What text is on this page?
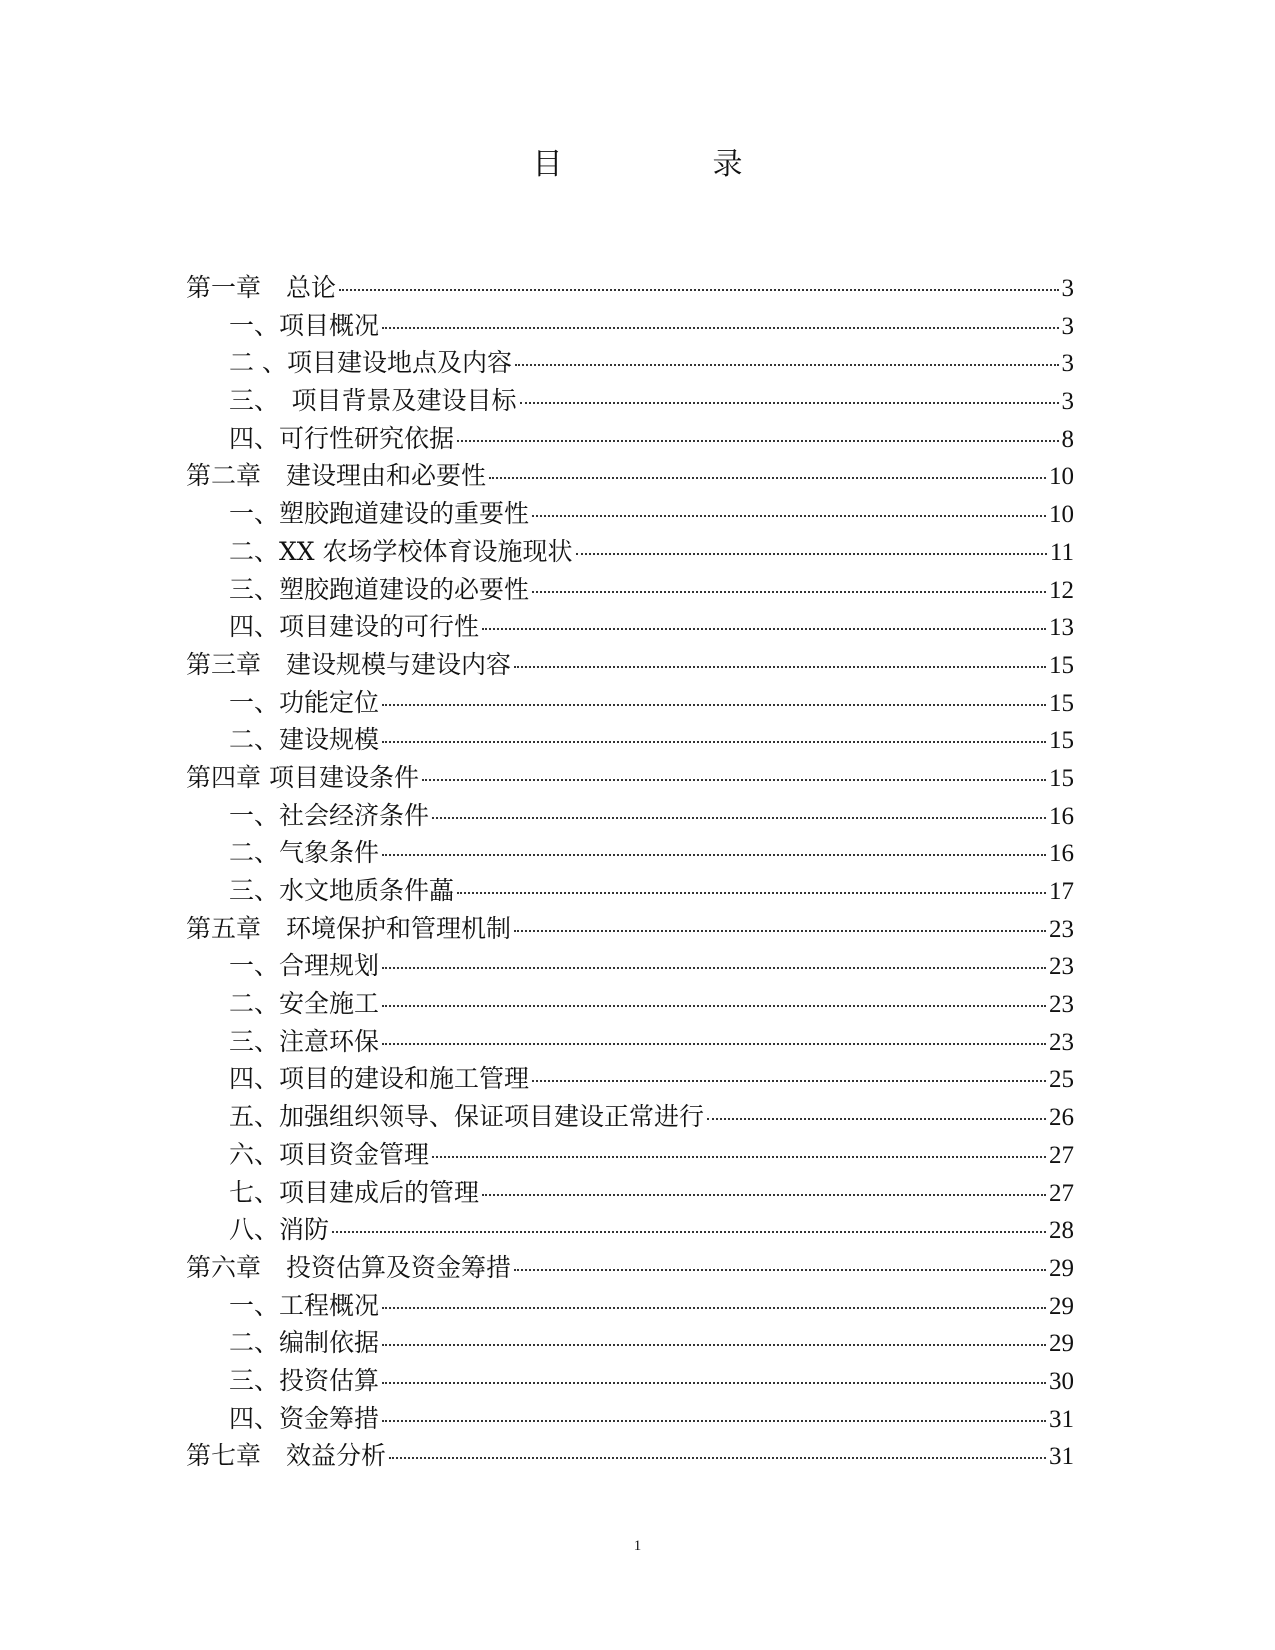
目　录
第一章　总论	3
一、项目概况	3
二 、项目建设地点及内容	3
三、　项目背景及建设目标	3
四、可行性研究依据	8
第二章　建设理由和必要性	10
一、塑胶跑道建设的重要性	10
二、XX 农场学校体育设施现状	11
三、塑胶跑道建设的必要性	12
四、项目建设的可行性	13
第三章　建设规模与建设内容	15
一、功能定位	15
二、建设规模	15
第四章 项目建设条件	15
一、社会经济条件	16
二、气象条件	16
三、水文地质条件藟	17
第五章　环境保护和管理机制	23
一、合理规划	23
二、安全施工	23
三、注意环保	23
四、项目的建设和施工管理	25
五、加强组织领导、保证项目建设正常进行	26
六、项目资金管理	27
七、项目建成后的管理	27
八、消防	28
第六章　投资估算及资金筹措	29
一、工程概况	29
二、编制依据	29
三、投资估算	30
四、资金筹措	31
第七章　效益分析	31
1
